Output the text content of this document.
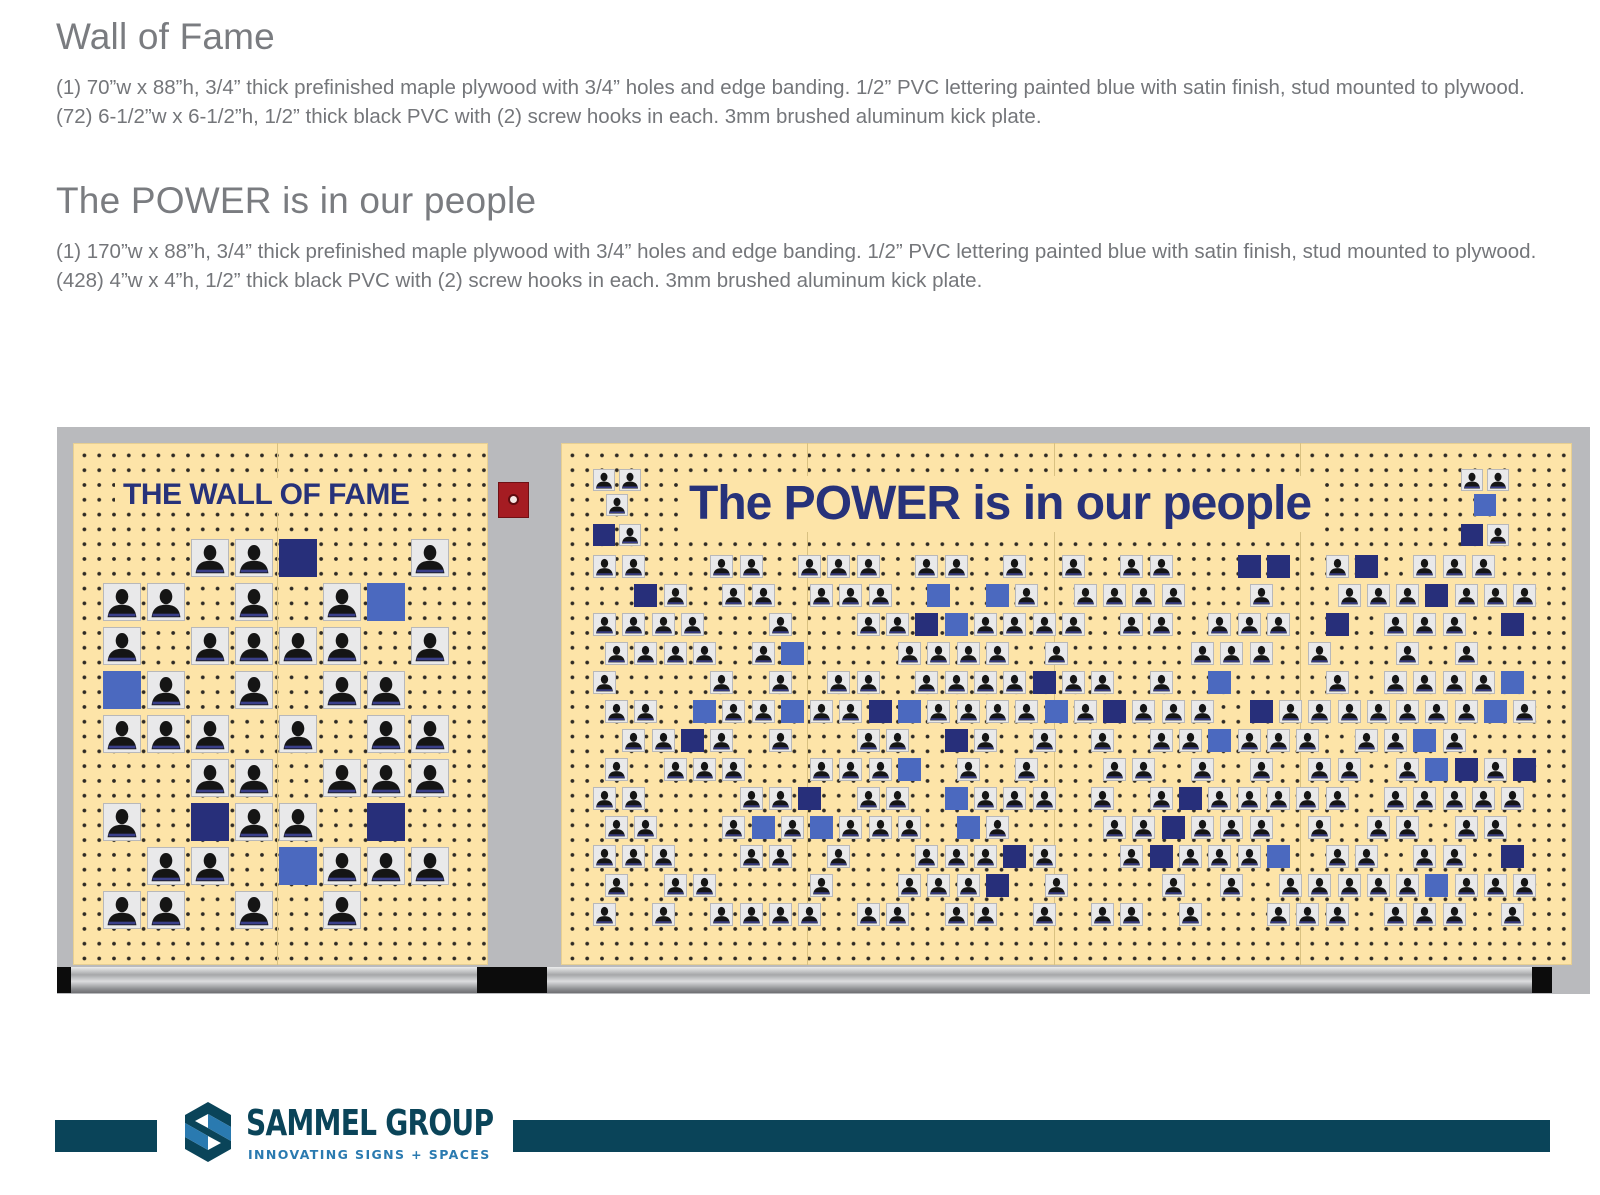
Wall of Fame

(1) 70”w x 88”h, 3/4” thick prefinished maple plywood with 3/4” holes and edge banding. 1/2” PVC lettering painted blue with satin finish, stud mounted to plywood. (72) 6-1/2”w x 6-1/2”h, 1/2” thick black PVC with (2) screw hooks in each. 3mm brushed aluminum kick plate.

The POWER is in our people

(1) 170”w x 88”h, 3/4” thick prefinished maple plywood with 3/4” holes and edge banding. 1/2” PVC lettering painted blue with satin finish, stud mounted to plywood. (428) 4”w x 4”h, 1/2” thick black PVC with (2) screw hooks in each. 3mm brushed aluminum kick plate.

THE WALL OF FAME	The POWER is in our people
SAMMEL GROUP
INNOVATING SIGNS + SPACES
